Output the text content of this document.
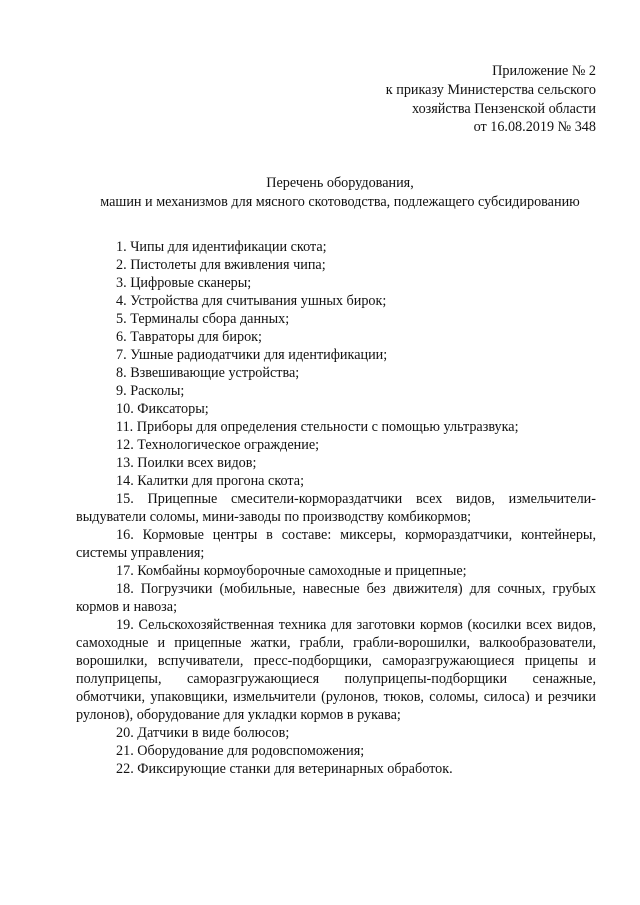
Приложение № 2
к приказу Министерства сельского
хозяйства Пензенской области
от 16.08.2019 № 348
Перечень оборудования,
машин и механизмов для мясного скотоводства, подлежащего субсидированию

1. Чипы для идентификации скота;

2. Пистолеты для вживления чипа;

3. Цифровые сканеры;

4. Устройства для считывания ушных бирок;

5. Терминалы сбора данных;

6. Тавраторы для бирок;

7. Ушные радиодатчики для идентификации;

8. Взвешивающие устройства;

9. Расколы;

10. Фиксаторы;

11. Приборы для определения стельности с помощью ультразвука;

12. Технологическое ограждение;

13. Поилки всех видов;

14. Калитки для прогона скота;

15. Прицепные смесители-кормораздатчики всех видов, измельчители-выдуватели соломы, мини-заводы по производству комбикормов;

16. Кормовые центры в составе: миксеры, кормораздатчики, контейнеры, системы управления;

17. Комбайны кормоуборочные самоходные и прицепные;

18. Погрузчики (мобильные, навесные без движителя) для сочных, грубых кормов и навоза;

19. Сельскохозяйственная техника для заготовки кормов (косилки всех видов, самоходные и прицепные жатки, грабли, грабли-ворошилки, валкообразователи, ворошилки, вспучиватели, пресс-подборщики, саморазгружающиеся прицепы и полуприцепы, саморазгружающиеся полуприцепы-подборщики сенажные, обмотчики, упаковщики, измельчители (рулонов, тюков, соломы, силоса) и резчики рулонов), оборудование для укладки кормов в рукава;

20. Датчики в виде болюсов;

21. Оборудование для родовспоможения;

22. Фиксирующие станки для ветеринарных обработок.
